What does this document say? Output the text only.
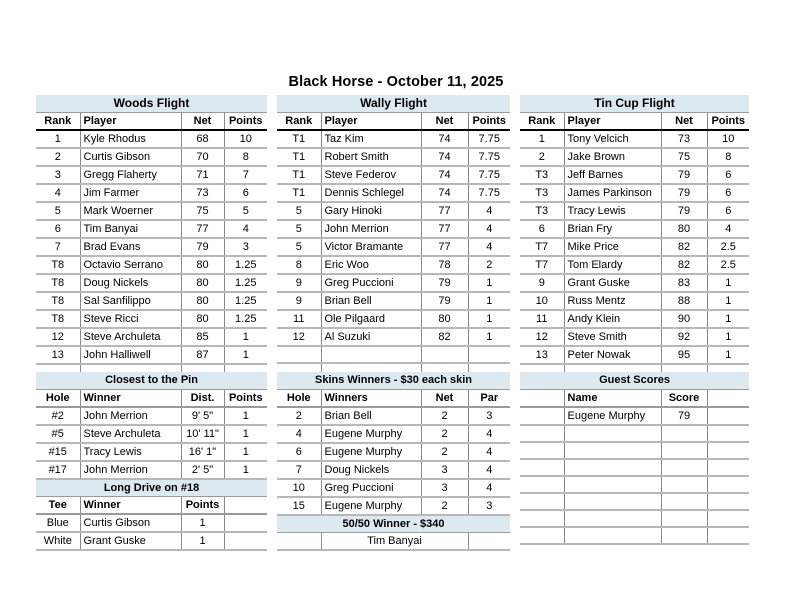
Black Horse - October 11, 2025
Woods Flight			
Rank	Player	Net	Points
1	Kyle Rhodus	68	10
2	Curtis Gibson	70	8
3	Gregg Flaherty	71	7
4	Jim Farmer	73	6
5	Mark Woerner	75	5
6	Tim Banyai	77	4
7	Brad Evans	79	3
T8	Octavio Serrano	80	1.25
T8	Doug Nickels	80	1.25
T8	Sal Sanfilippo	80	1.25
T8	Steve Ricci	80	1.25
12	Steve Archuleta	85	1
13	John Halliwell	87	1

Wally Flight			
Rank	Player	Net	Points
T1	Taz Kim	74	7.75
T1	Robert Smith	74	7.75
T1	Steve Federov	74	7.75
T1	Dennis Schlegel	74	7.75
5	Gary Hinoki	77	4
5	John Merrion	77	4
5	Victor Bramante	77	4
8	Eric Woo	78	2
9	Greg Puccioni	79	1
9	Brian Bell	79	1
11	Ole Pilgaard	80	1
12	Al Suzuki	82	1

Tin Cup Flight			
Rank	Player	Net	Points
1	Tony Velcich	73	10
2	Jake Brown	75	8
T3	Jeff Barnes	79	6
T3	James Parkinson	79	6
T3	Tracy Lewis	79	6
6	Brian Fry	80	4
T7	Mike Price	82	2.5
T7	Tom Elardy	82	2.5
9	Grant Guske	83	1
10	Russ Mentz	88	1
11	Andy Klein	90	1
12	Steve Smith	92	1
13	Peter Nowak	95	1

Closest to the Pin			
Hole	Winner	Dist.	Points
#2	John Merrion	9' 5"	1
#5	Steve Archuleta	10' 11"	1
#15	Tracy Lewis	16' 1"	1
#17	John Merrion	2' 5"	1
Long Drive on #18			
Tee	Winner	Points	
Blue	Curtis Gibson	1	
White	Grant Guske	1	
Skins Winners - $30 each skin			
Hole	Winners	Net	Par
2	Brian Bell	2	3
4	Eugene Murphy	2	4
6	Eugene Murphy	2	4
7	Doug Nickels	3	4
10	Greg Puccioni	3	4
15	Eugene Murphy	2	3
50/50 Winner - $340			
	Tim Banyai		
Guest Scores			
	Name	Score	
	Eugene Murphy	79	
